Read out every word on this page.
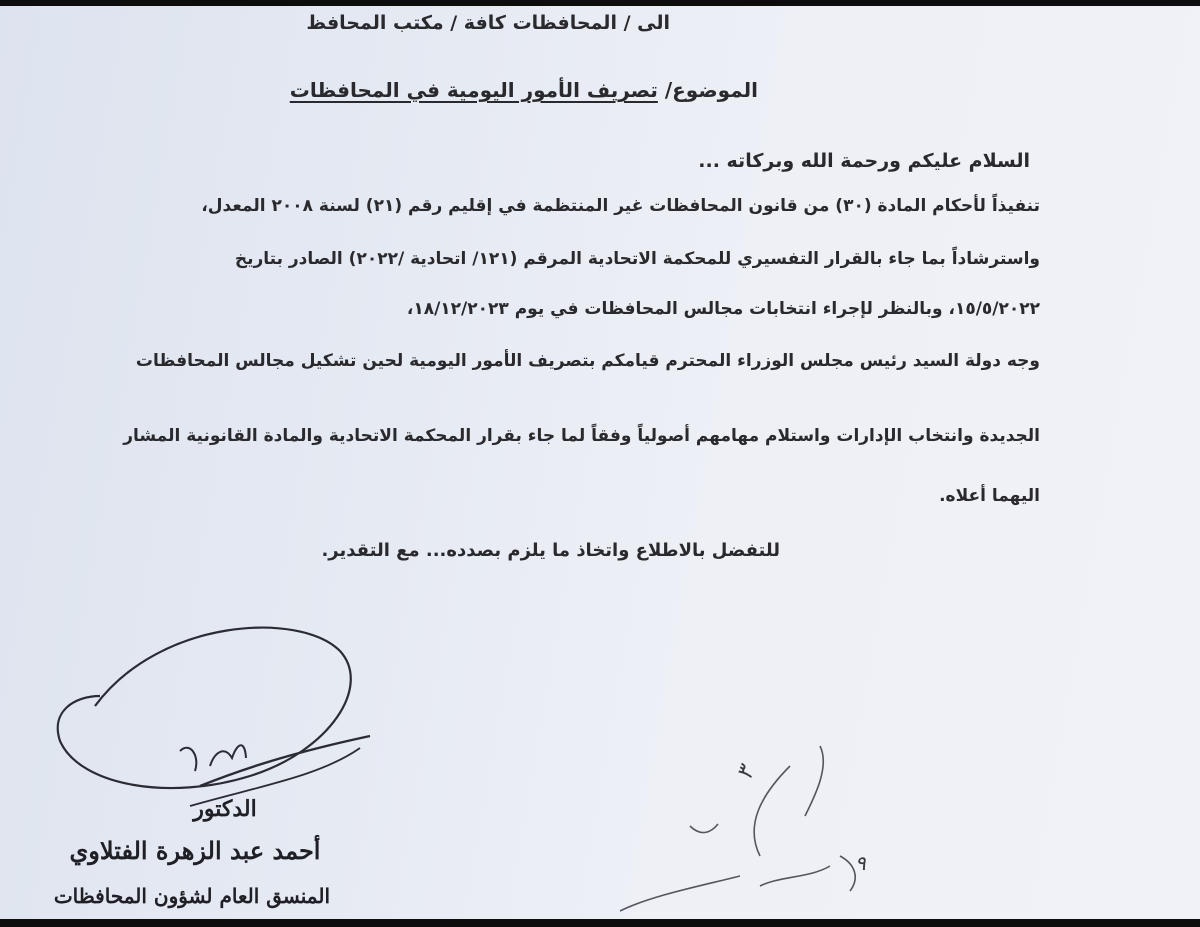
الى / المحافظات كافة / مكتب المحافظ
الموضوع/ تصريف الأمور اليومية في المحافظات
السلام عليكم ورحمة الله وبركاته ...
تنفيذاً لأحكام المادة (٣٠) من قانون المحافظات غير المنتظمة في إقليم رقم (٢١) لسنة ٢٠٠٨ المعدل،
واسترشاداً بما جاء بالقرار التفسيري للمحكمة الاتحادية المرقم (١٢١/ اتحادية /٢٠٢٢) الصادر بتاريخ
١٥/٥/٢٠٢٢، وبالنظر لإجراء انتخابات مجالس المحافظات في يوم ١٨/١٢/٢٠٢٣،
وجه دولة السيد رئيس مجلس الوزراء المحترم قيامكم بتصريف الأمور اليومية لحين تشكيل مجالس المحافظات
الجديدة وانتخاب الإدارات واستلام مهامهم أصولياً وفقاً لما جاء بقرار المحكمة الاتحادية والمادة القانونية المشار
اليهما أعلاه.
للتفضل بالاطلاع واتخاذ ما يلزم بصدده... مع التقدير.
۳
۹
الدكتور
أحمد عبد الزهرة الفتلاوي
المنسق العام لشؤون المحافظات
